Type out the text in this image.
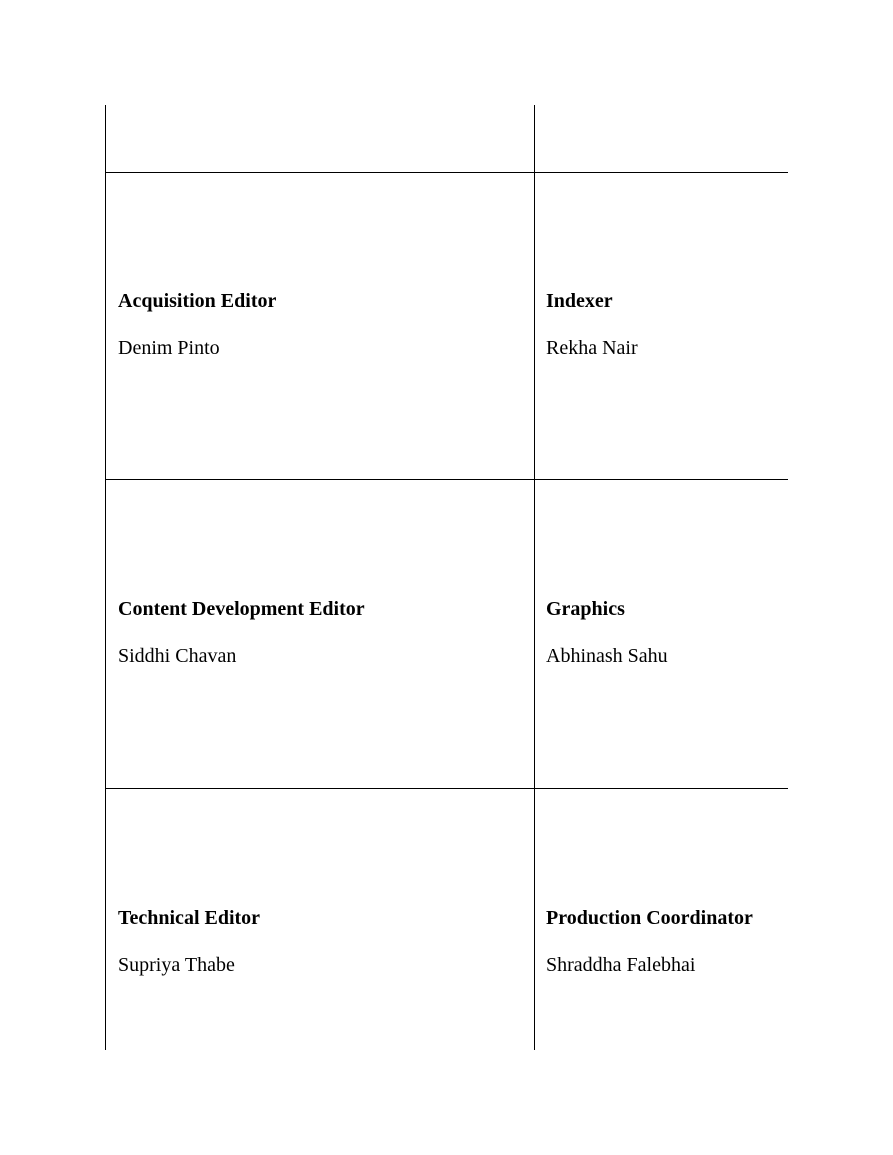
Acquisition Editor

Denim Pinto

Indexer

Rekha Nair

Content Development Editor

Siddhi Chavan

Graphics

Abhinash Sahu

Technical Editor

Supriya Thabe

Production Coordinator

Shraddha Falebhai
